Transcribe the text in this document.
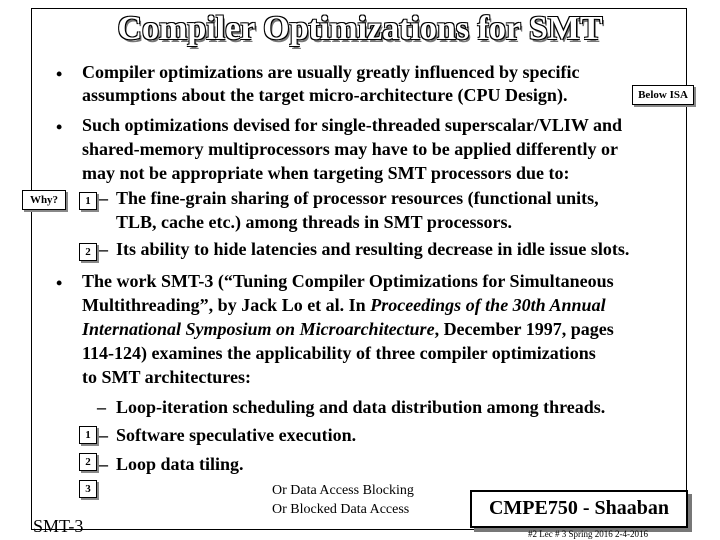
Compiler Optimizations for SMT
• Compiler optimizations are usually greatly influenced by specific
assumptions about the target micro-architecture (CPU Design).	Below ISA
• Such optimizations devised for single-threaded superscalar/VLIW and
shared-memory multiprocessors may have to be applied differently or
may not be appropriate when targeting SMT processors due to:
Why?	1 – The fine-grain sharing of processor resources (functional units,
TLB, cache etc.) among threads in SMT processors.
2 – Its ability to hide latencies and resulting decrease in idle issue slots.
• The work SMT-3 (“Tuning Compiler Optimizations for Simultaneous
Multithreading”, by Jack Lo et al. In Proceedings of the 30th Annual
International Symposium on Microarchitecture, December 1997, pages
114-124) examines the applicability of three compiler optimizations
to SMT architectures:
– Loop-iteration scheduling and data distribution among threads.
1 – Software speculative execution.
2 – Loop data tiling.
3	Or Data Access Blocking
Or Blocked Data Access
SMT-3
CMPE750 - Shaaban
#2 Lec # 3 Spring 2016 2-4-2016
